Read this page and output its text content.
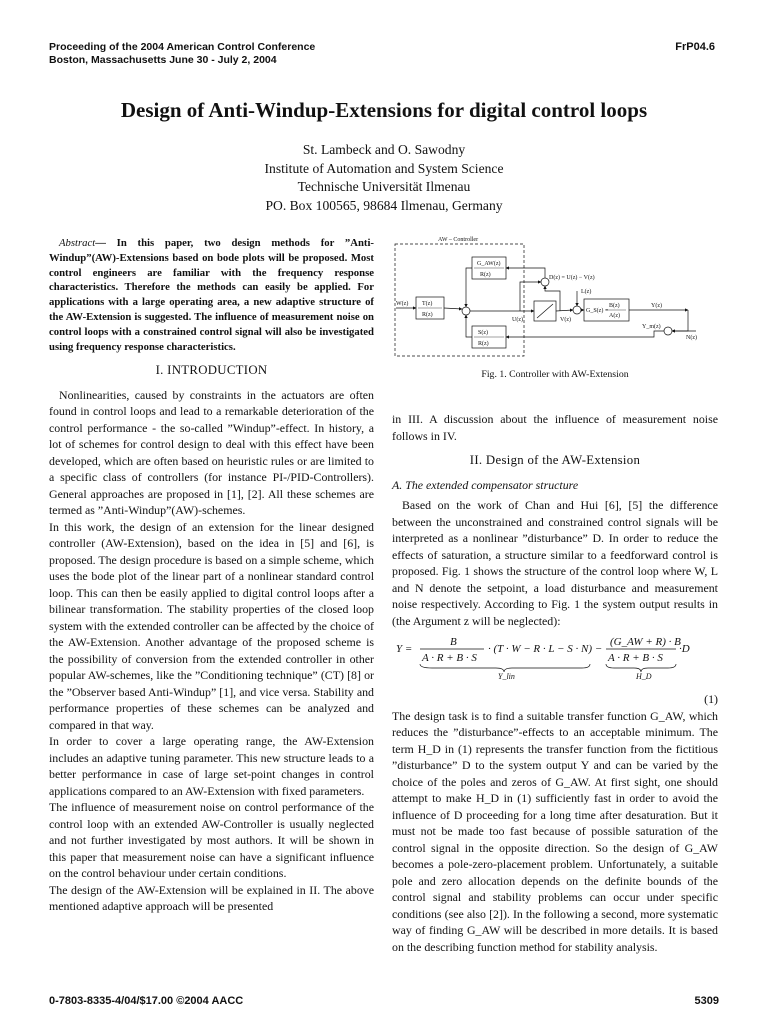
Proceeding of the 2004 American Control Conference
Boston, Massachusetts June 30 - July 2, 2004
FrP04.6
Design of Anti-Windup-Extensions for digital control loops
St. Lambeck and O. Sawodny
Institute of Automation and System Science
Technische Universität Ilmenau
PO. Box 100565, 98684 Ilmenau, Germany

Abstract— In this paper, two design methods for ”Anti-Windup”(AW)-Extensions based on bode plots will be proposed. Most control engineers are familiar with the frequency response characteristics. Therefore the methods can easily be applied. For applications with a large operating area, a new adaptive structure of the AW-Extension is suggested. The influence of measurement noise on control loops with a constrained control signal will also be investigated using frequency response characteristics.

I. INTRODUCTION

Nonlinearities, caused by constraints in the actuators are often found in control loops and lead to a remarkable deterioration of the control performance - the so-called ”Windup”-effect. In history, a lot of schemes for control design to deal with this effect have been developed, which are often based on heuristic rules or are limited to a specific class of controllers (for instance PI-/PID-Controllers). General approaches are proposed in [1], [2]. All these schemes are termed as ”Anti-Windup”(AW)-schemes.

In this work, the design of an extension for the linear designed controller (AW-Extension), based on the idea in [5] and [6], is proposed. The design procedure is based on a simple scheme, which uses the bode plot of the linear part of a nonlinear standard control loop. This can then be easily applied to digital control loops after a bilinear transformation. The stability properties of the closed loop system with the extended controller can be affected by the choice of the AW-Extension. Another advantage of the proposed scheme is the possibility of conversion from the extended controller in other popular AW-schemes, like the ”Conditioning technique” (CT) [8] or the ”Observer based Anti-Windup” [1], and vice versa. Stability and performance properties of these schemes can be analyzed and compared in that way.

In order to cover a large operating range, the AW-Extension includes an adaptive tuning parameter. This new structure leads to a better performance in case of large set-point changes in control applications compared to an AW-Extension with fixed parameters.

The influence of measurement noise on control performance of the control loop with an extended AW-Controller is usually neglected and not further investigated by most authors. It will be shown in this paper that measurement noise can have a significant influence on the control behaviour under certain conditions.

The design of the AW-Extension will be explained in II. The above mentioned adaptive approach will be presented

AW – Controller
G_AW(z)
R(z)	D(z) = U(z) − V(z)
L(z)
W(z) T(z)
R(z)
U(z)	V(z)
G_S(z) =
B(z)
A(z)
Y(z)
S(z)
R(z)
Y_m(z)
N(z)
Fig. 1. Controller with AW-Extension

in III. A discussion about the influence of measurement noise follows in IV.

II. Design of the AW-Extension
A. The extended compensator structure

Based on the work of Chan and Hui [6], [5] the difference between the unconstrained and constrained control signals will be interpreted as a nonlinear ”disturbance” D. In order to reduce the effects of saturation, a structure similar to a feedforward control is proposed. Fig. 1 shows the structure of the control loop where W, L and N denote the setpoint, a load disturbance and measurement noise respectively. According to Fig. 1 the system output results in (the Argument z will be neglected):

Y =
B
A · R + B · S
· (T · W − R · L − S · N) −
(G_AW + R) · B
A · R + B · S
·D
Y_lin	H_D
(1)

The design task is to find a suitable transfer function G_AW, which reduces the ”disturbance”-effects to an acceptable minimum. The term H_D in (1) represents the transfer function from the fictitious ”disturbance” D to the system output Y and can be varied by the choice of the poles and zeros of G_AW. At first sight, one should attempt to make H_D in (1) sufficiently fast in order to avoid the influence of D proceeding for a long time after desaturation. But it must not be made too fast because of possible saturation of the control signal in the opposite direction. So the design of G_AW becomes a pole-zero-placement problem. Unfortunately, a suitable pole and zero allocation depends on the definite bounds of the control signal and stability problems can occur under specific conditions (see also [2]). In the following a second, more systematic way of finding G_AW will be described in more details. It is based on the describing function method for stability analysis.

0-7803-8335-4/04/$17.00 ©2004 AACC	5309
